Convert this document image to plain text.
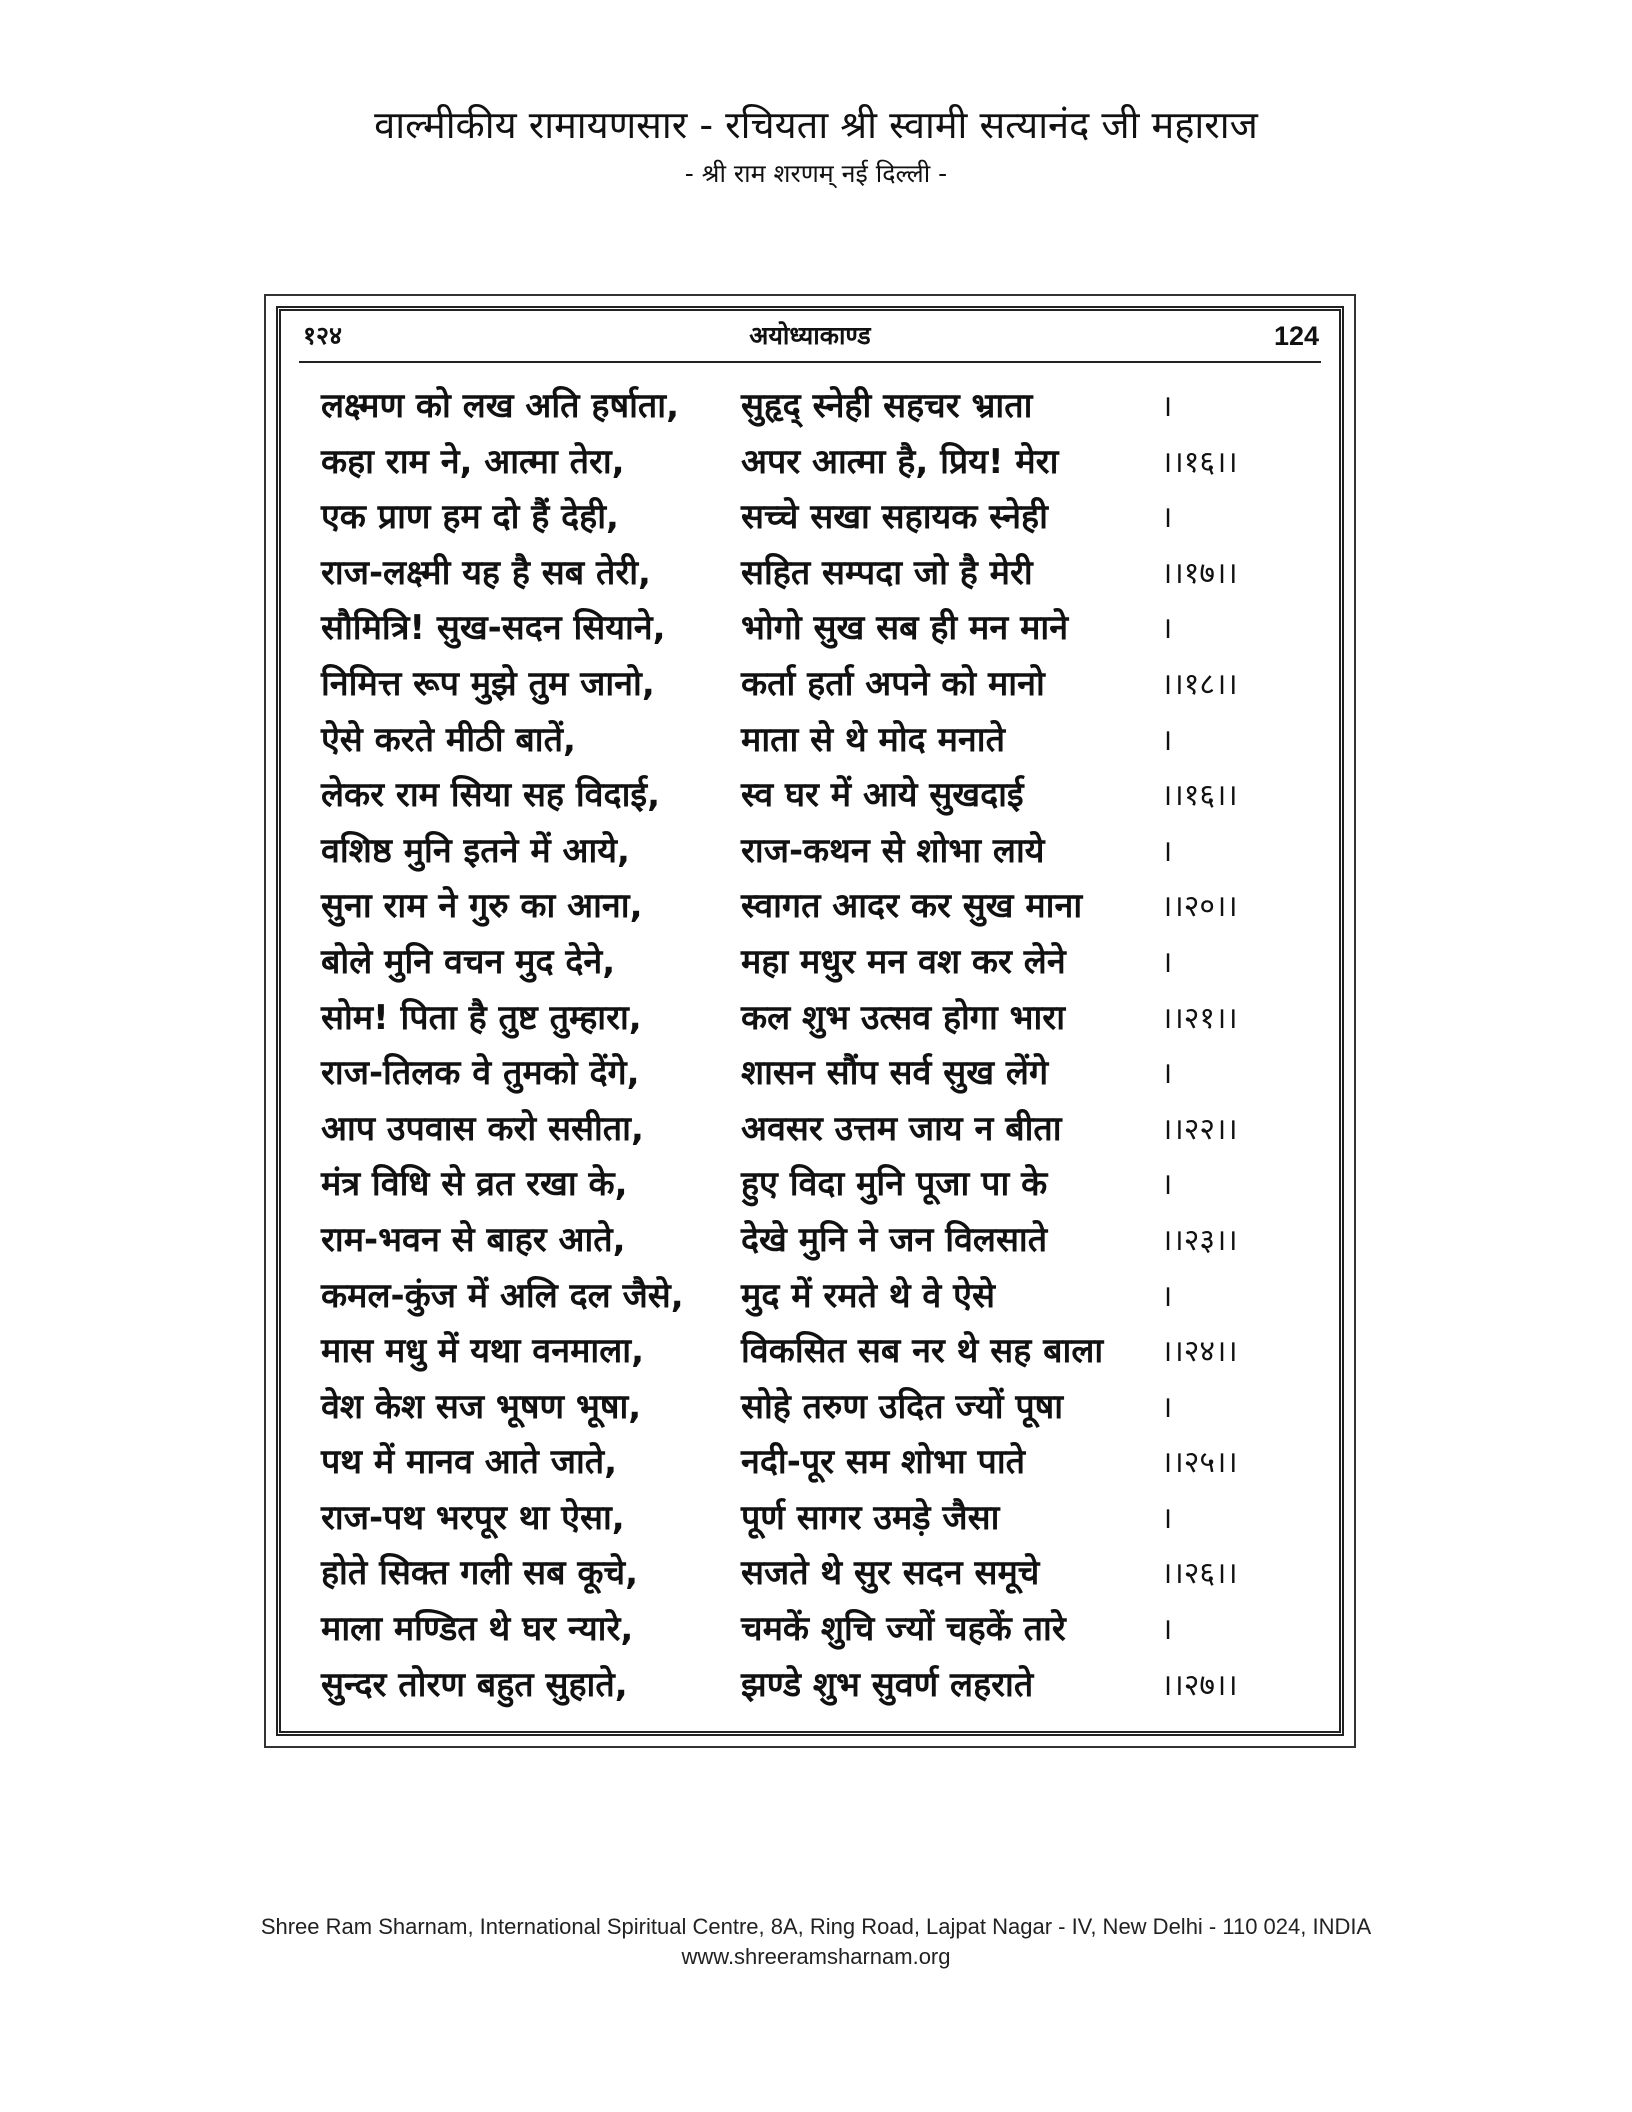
वाल्मीकीय रामायणसार - रचियता श्री स्वामी सत्यानंद जी महाराज
- श्री राम शरणम् नई दिल्ली -
१२४	अयोध्याकाण्ड	124
लक्ष्मण को लख अति हर्षाता,	सुहृद् स्नेही सहचर भ्राता	।
कहा राम ने, आत्मा तेरा,	अपर आत्मा है, प्रिय! मेरा	।।१६।।
एक प्राण हम दो हैं देही,	सच्चे सखा सहायक स्नेही	।
राज-लक्ष्मी यह है सब तेरी,	सहित सम्पदा जो है मेरी	।।१७।।
सौमित्रि! सुख-सदन सियाने,	भोगो सुख सब ही मन माने	।
निमित्त रूप मुझे तुम जानो,	कर्ता हर्ता अपने को मानो	।।१८।।
ऐसे करते मीठी बातें,	माता से थे मोद मनाते	।
लेकर राम सिया सह विदाई,	स्व घर में आये सुखदाई	।।१६।।
वशिष्ठ मुनि इतने में आये,	राज-कथन से शोभा लाये	।
सुना राम ने गुरु का आना,	स्वागत आदर कर सुख माना	।।२०।।
बोले मुनि वचन मुद देने,	महा मधुर मन वश कर लेने	।
सोम! पिता है तुष्ट तुम्हारा,	कल शुभ उत्सव होगा भारा	।।२१।।
राज-तिलक वे तुमको देंगे,	शासन सौंप सर्व सुख लेंगे	।
आप उपवास करो ससीता,	अवसर उत्तम जाय न बीता	।।२२।।
मंत्र विधि से व्रत रखा के,	हुए विदा मुनि पूजा पा के	।
राम-भवन से बाहर आते,	देखे मुनि ने जन विलसाते	।।२३।।
कमल-कुंज में अलि दल जैसे,	मुद में रमते थे वे ऐसे	।
मास मधु में यथा वनमाला,	विकसित सब नर थे सह बाला	।।२४।।
वेश केश सज भूषण भूषा,	सोहे तरुण उदित ज्यों पूषा	।
पथ में मानव आते जाते,	नदी-पूर सम शोभा पाते	।।२५।।
राज-पथ भरपूर था ऐसा,	पूर्ण सागर उमड़े जैसा	।
होते सिक्त गली सब कूचे,	सजते थे सुर सदन समूचे	।।२६।।
माला मण्डित थे घर न्यारे,	चमकें शुचि ज्यों चहकें तारे	।
सुन्दर तोरण बहुत सुहाते,	झण्डे शुभ सुवर्ण लहराते	।।२७।।
Shree Ram Sharnam, International Spiritual Centre, 8A, Ring Road, Lajpat Nagar - IV, New Delhi - 110 024, INDIA
www.shreeramsharnam.org
